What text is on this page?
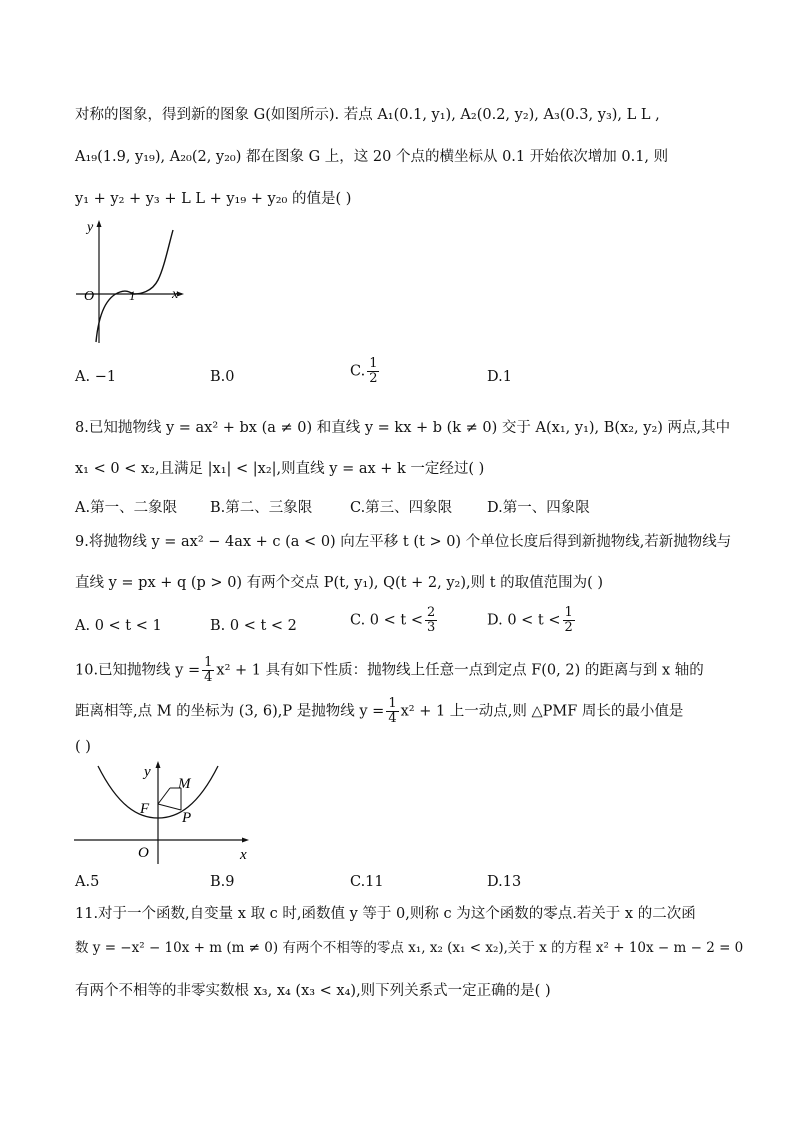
对称的图象，得到新的图象 G(如图所示). 若点 A₁(0.1, y₁), A₂(0.2, y₂), A₃(0.3, y₃), L L ,
A₁₉(1.9, y₁₉), A₂₀(2, y₂₀) 都在图象 G 上，这 20 个点的横坐标从 0.1 开始依次增加 0.1, 则
y₁ + y₂ + y₃ + L L + y₁₉ + y₂₀ 的值是( )
y
O	1	x
A. −1	B.0	C. $\frac{1}{2}$	D.1
8.已知抛物线 y = ax² + bx (a ≠ 0) 和直线 y = kx + b (k ≠ 0) 交于 A(x₁, y₁), B(x₂, y₂) 两点,其中
x₁ < 0 < x₂,且满足 |x₁| < |x₂|,则直线 y = ax + k 一定经过( )
A.第一、二象限 B.第二、三象限	C.第三、四象限 D.第一、四象限
9.将抛物线 y = ax² − 4ax + c (a < 0) 向左平移 t (t > 0) 个单位长度后得到新抛物线,若新抛物线与
直线 y = px + q (p > 0) 有两个交点 P(t, y₁), Q(t + 2, y₂),则 t 的取值范围为( )
A. 0 < t < 1	B. 0 < t < 2	C. $0 < t < \frac{2}{3}$	D. $0 < t < \frac{1}{2}$
10.已知抛物线 $y = \frac{1}{4} x^2 + 1$ 具有如下性质：抛物线上任意一点到定点 F(0, 2) 的距离与到 x 轴的
距离相等,点 M 的坐标为 (3, 6),P 是抛物线 $y = \frac{1}{4} x^2 + 1$ 上一动点,则 △PMF 周长的最小值是
( )
y
M
F
P
O	x
A.5	B.9	C.11	D.13
11.对于一个函数,自变量 x 取 c 时,函数值 y 等于 0,则称 c 为这个函数的零点.若关于 x 的二次函
数 y = −x² − 10x + m (m ≠ 0) 有两个不相等的零点 x₁, x₂ (x₁ < x₂),关于 x 的方程 x² + 10x − m − 2 = 0
有两个不相等的非零实数根 x₃, x₄ (x₃ < x₄),则下列关系式一定正确的是( )
